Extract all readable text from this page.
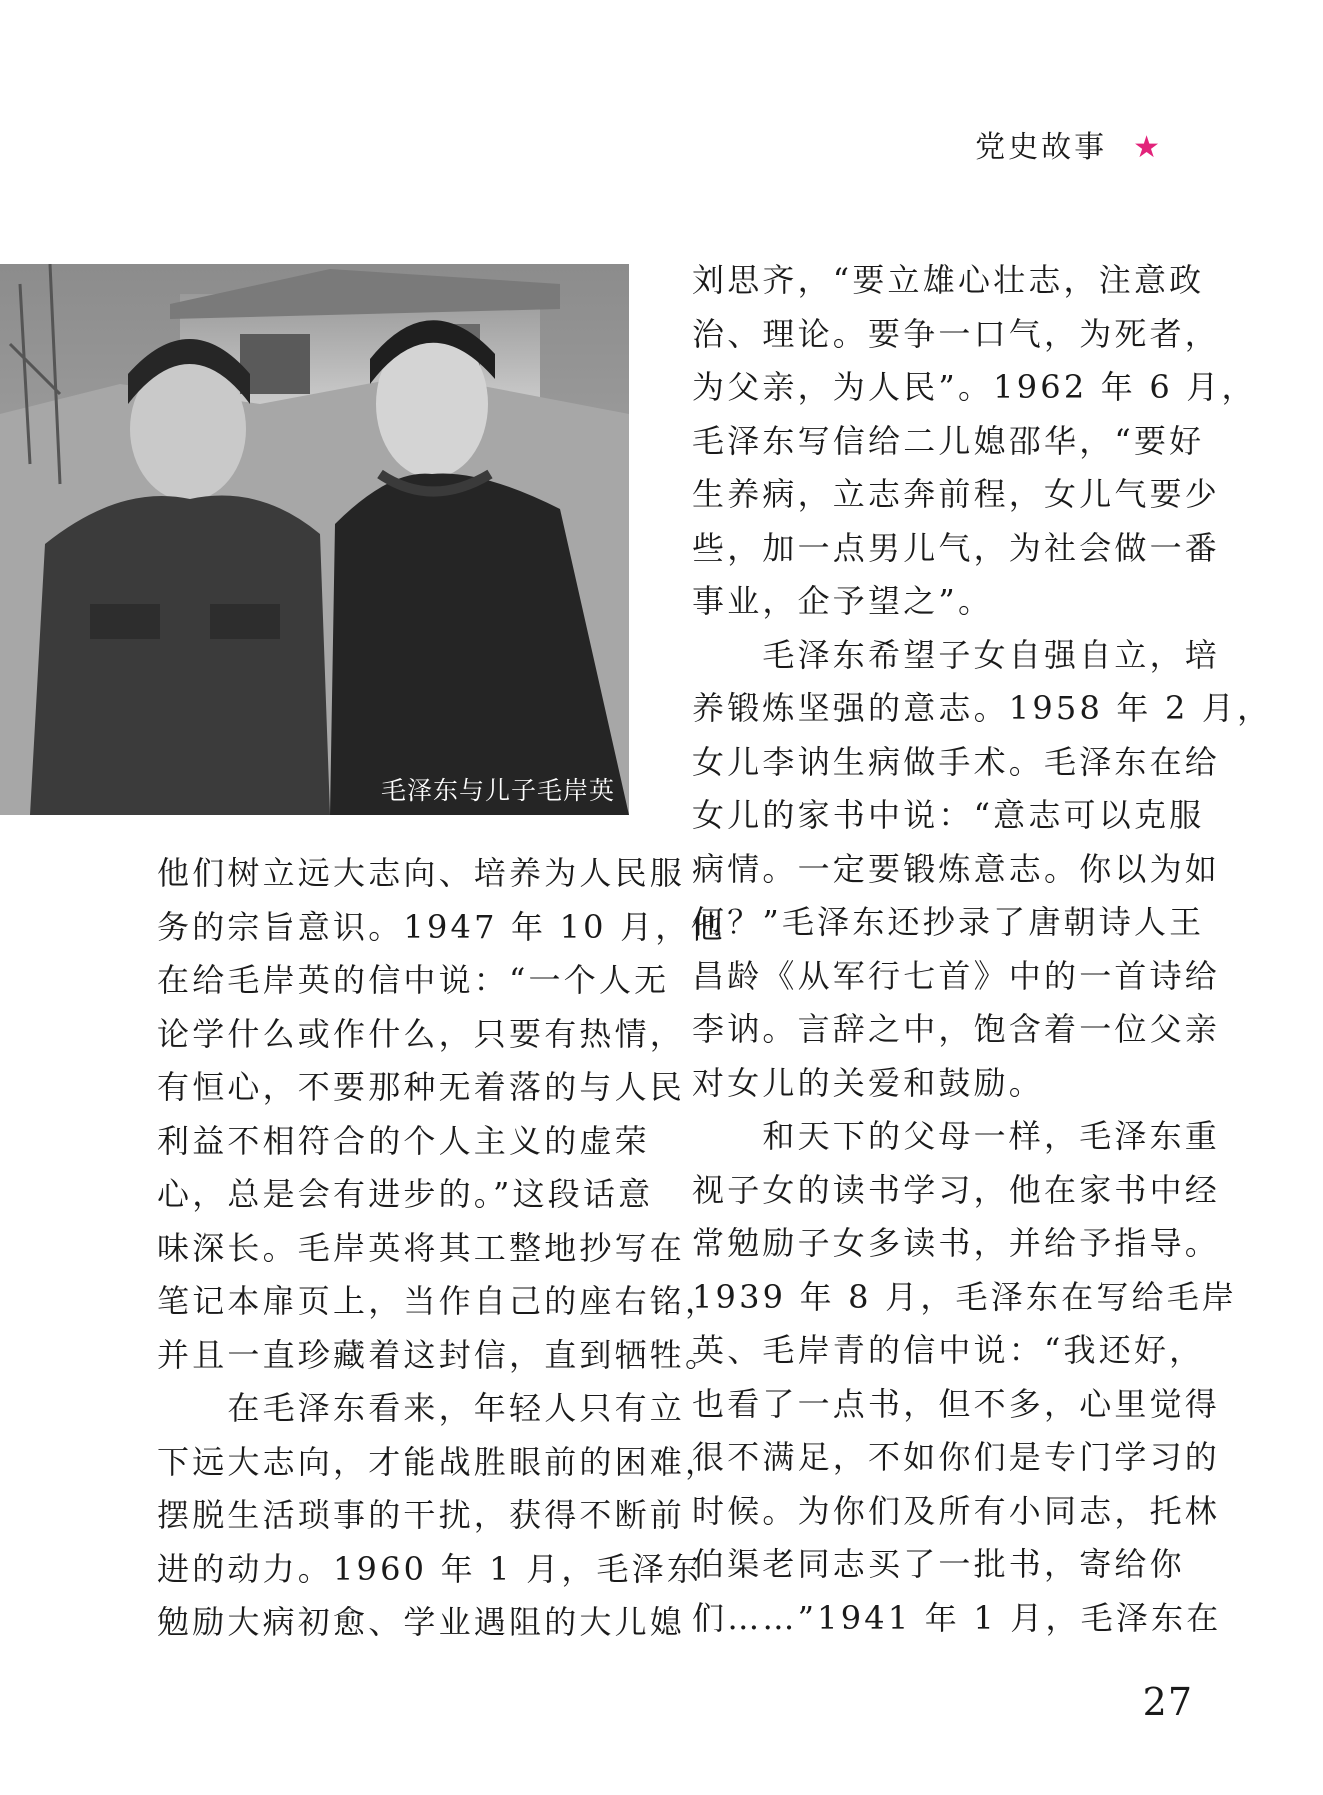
党史故事 ★
毛泽东与儿子毛岸英
他们树立远大志向、培养为人民服
务的宗旨意识。1947 年 10 月，他
在给毛岸英的信中说：“一个人无
论学什么或作什么，只要有热情，
有恒心，不要那种无着落的与人民
利益不相符合的个人主义的虚荣
心，总是会有进步的。”这段话意
味深长。毛岸英将其工整地抄写在
笔记本扉页上，当作自己的座右铭，
并且一直珍藏着这封信，直到牺牲。
　　在毛泽东看来，年轻人只有立
下远大志向，才能战胜眼前的困难，
摆脱生活琐事的干扰，获得不断前
进的动力。1960 年 1 月，毛泽东
勉励大病初愈、学业遇阻的大儿媳
刘思齐，“要立雄心壮志，注意政
治、理论。要争一口气，为死者，
为父亲，为人民”。1962 年 6 月，
毛泽东写信给二儿媳邵华，“要好
生养病，立志奔前程，女儿气要少
些，加一点男儿气，为社会做一番
事业，企予望之”。
　　毛泽东希望子女自强自立，培
养锻炼坚强的意志。1958 年 2 月，
女儿李讷生病做手术。毛泽东在给
女儿的家书中说：“意志可以克服
病情。一定要锻炼意志。你以为如
何？”毛泽东还抄录了唐朝诗人王
昌龄《从军行七首》中的一首诗给
李讷。言辞之中，饱含着一位父亲
对女儿的关爱和鼓励。
　　和天下的父母一样，毛泽东重
视子女的读书学习，他在家书中经
常勉励子女多读书，并给予指导。
1939 年 8 月，毛泽东在写给毛岸
英、毛岸青的信中说：“我还好，
也看了一点书，但不多，心里觉得
很不满足，不如你们是专门学习的
时候。为你们及所有小同志，托林
伯渠老同志买了一批书，寄给你
们……”1941 年 1 月，毛泽东在
27
